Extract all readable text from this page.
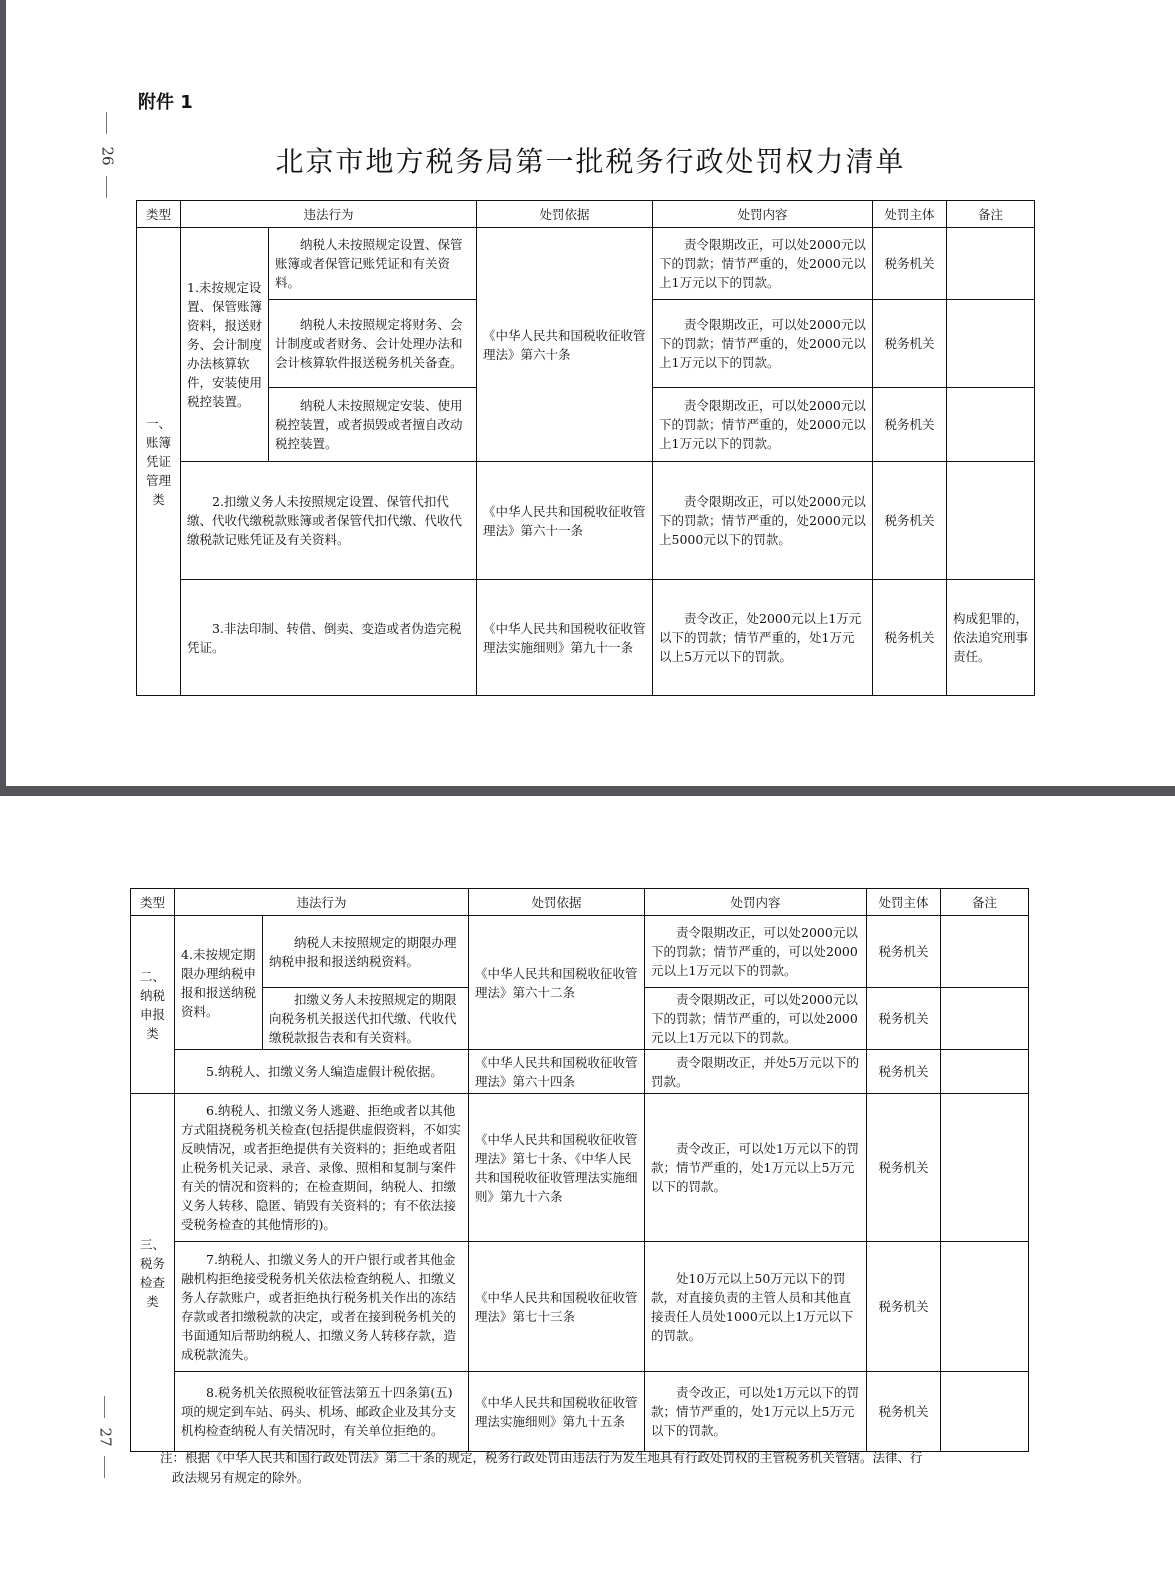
26
附件 1
北京市地方税务局第一批税务行政处罚权力清单
类型	违法行为		处罚依据	处罚内容	处罚主体	备注
一、账簿凭证管理类	1.未按规定设置、保管账簿资料，报送财务、会计制度办法核算软件，安装使用税控装置。	纳税人未按照规定设置、保管账簿或者保管记账凭证和有关资料。	《中华人民共和国税收征收管理法》第六十条	责令限期改正，可以处2000元以下的罚款；情节严重的，处2000元以上1万元以下的罚款。	税务机关	
		纳税人未按照规定将财务、会计制度或者财务、会计处理办法和会计核算软件报送税务机关备查。		责令限期改正，可以处2000元以下的罚款；情节严重的，处2000元以上1万元以下的罚款。	税务机关	
		纳税人未按照规定安装、使用税控装置，或者损毁或者擅自改动税控装置。		责令限期改正，可以处2000元以下的罚款；情节严重的，处2000元以上1万元以下的罚款。	税务机关	
	2.扣缴义务人未按照规定设置、保管代扣代缴、代收代缴税款账簿或者保管代扣代缴、代收代缴税款记账凭证及有关资料。		《中华人民共和国税收征收管理法》第六十一条	责令限期改正，可以处2000元以下的罚款；情节严重的，处2000元以上5000元以下的罚款。	税务机关	
	3.非法印制、转借、倒卖、变造或者伪造完税凭证。		《中华人民共和国税收征收管理法实施细则》第九十一条	责令改正，处2000元以上1万元以下的罚款；情节严重的，处1万元以上5万元以下的罚款。	税务机关	构成犯罪的，依法追究刑事责任。
类型	违法行为		处罚依据	处罚内容	处罚主体	备注
二、纳税申报类	4.未按规定期限办理纳税申报和报送纳税资料。	纳税人未按照规定的期限办理纳税申报和报送纳税资料。	《中华人民共和国税收征收管理法》第六十二条	责令限期改正，可以处2000元以下的罚款；情节严重的，可以处2000元以上1万元以下的罚款。	税务机关	
		扣缴义务人未按照规定的期限向税务机关报送代扣代缴、代收代缴税款报告表和有关资料。		责令限期改正，可以处2000元以下的罚款；情节严重的，可以处2000元以上1万元以下的罚款。	税务机关	
	5.纳税人、扣缴义务人编造虚假计税依据。		《中华人民共和国税收征收管理法》第六十四条	责令限期改正，并处5万元以下的罚款。	税务机关	
三、税务检查类	6.纳税人、扣缴义务人逃避、拒绝或者以其他方式阻挠税务机关检查(包括提供虚假资料，不如实反映情况，或者拒绝提供有关资料的；拒绝或者阻止税务机关记录、录音、录像、照相和复制与案件有关的情况和资料的；在检查期间，纳税人、扣缴义务人转移、隐匿、销毁有关资料的；有不依法接受税务检查的其他情形的)。		《中华人民共和国税收征收管理法》第七十条、《中华人民共和国税收征收管理法实施细则》第九十六条	责令改正，可以处1万元以下的罚款；情节严重的，处1万元以上5万元以下的罚款。	税务机关	
	7.纳税人、扣缴义务人的开户银行或者其他金融机构拒绝接受税务机关依法检查纳税人、扣缴义务人存款账户，或者拒绝执行税务机关作出的冻结存款或者扣缴税款的决定，或者在接到税务机关的书面通知后帮助纳税人、扣缴义务人转移存款，造成税款流失。		《中华人民共和国税收征收管理法》第七十三条	处10万元以上50万元以下的罚款，对直接负责的主管人员和其他直接责任人员处1000元以上1万元以下的罚款。	税务机关	
	8.税务机关依照税收征管法第五十四条第(五)项的规定到车站、码头、机场、邮政企业及其分支机构检查纳税人有关情况时，有关单位拒绝的。		《中华人民共和国税收征收管理法实施细则》第九十五条	责令改正，可以处1万元以下的罚款；情节严重的，处1万元以上5万元以下的罚款。	税务机关	
注：根据《中华人民共和国行政处罚法》第二十条的规定，税务行政处罚由违法行为发生地具有行政处罚权的主管税务机关管辖。法律、行
政法规另有规定的除外。
27
